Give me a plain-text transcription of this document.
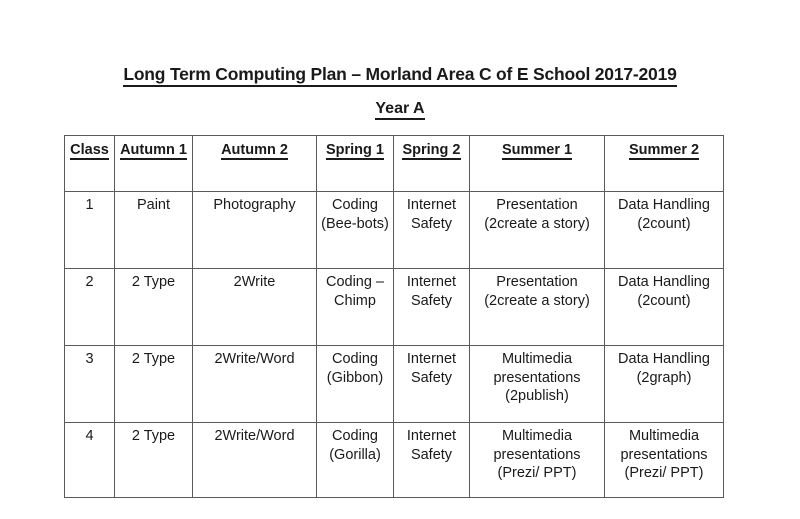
Long Term Computing Plan – Morland Area C of E School 2017-2019
Year A
Class	Autumn 1	Autumn 2	Spring 1	Spring 2	Summer 1	Summer 2
1	Paint	Photography	Coding (Bee-bots)	Internet Safety	Presentation (2create a story)	Data Handling (2count)
2	2 Type	2Write	Coding – Chimp	Internet Safety	Presentation (2create a story)	Data Handling (2count)
3	2 Type	2Write/Word	Coding (Gibbon)	Internet Safety	Multimedia presentations (2publish)	Data Handling (2graph)
4	2 Type	2Write/Word	Coding (Gorilla)	Internet Safety	Multimedia presentations (Prezi/ PPT)	Multimedia presentations (Prezi/ PPT)
